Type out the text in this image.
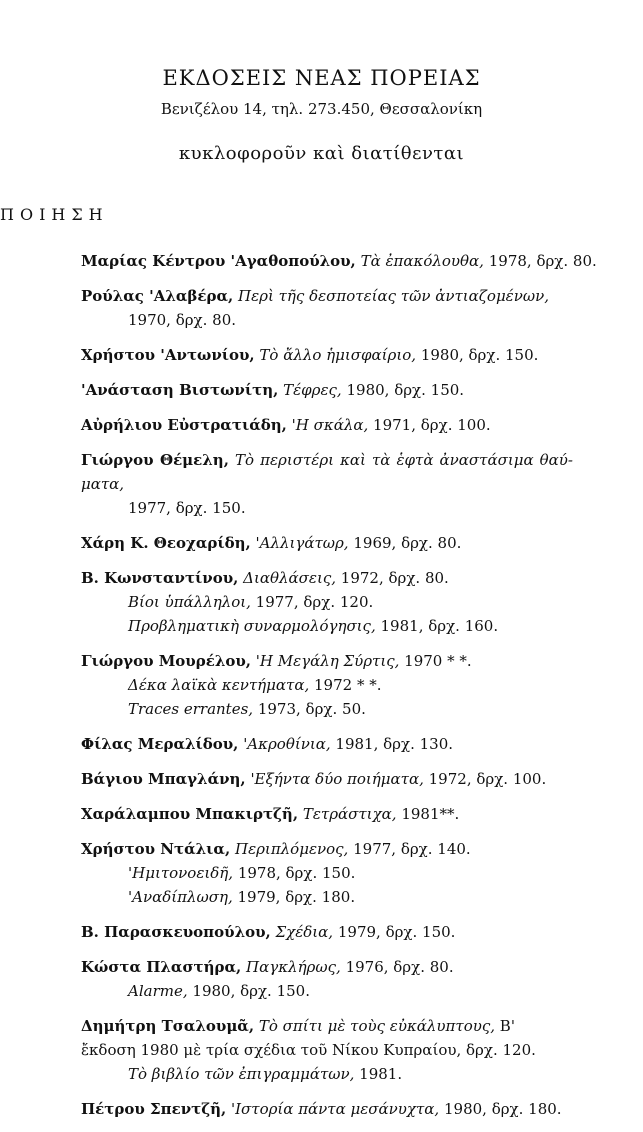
ΕΚΔΟΣΕΙΣ ΝΕΑΣ ΠΟΡΕΙΑΣ
Βενιζέλου 14, τηλ. 273.450, Θεσσαλονίκη
κυκλοφοροῦν καὶ διατίθενται
ΠΟΙΗΣΗ
Μαρίας Κέντρου 'Αγαθοπούλου, Τὰ ἐπακόλουθα, 1978, δρχ. 80.
Ρούλας 'Αλαβέρα, Περὶ τῆς δεσποτείας τῶν ἀντιαζομένων,
1970, δρχ. 80.
Χρήστου 'Αντωνίου, Τὸ ἄλλο ἡμισφαίριο, 1980, δρχ. 150.
'Ανάσταση Βιστωνίτη, Τέφρες, 1980, δρχ. 150.
Αὐρήλιου Εὐστρατιάδη, 'Η σκάλα, 1971, δρχ. 100.
Γιώργου Θέμελη, Τὸ περιστέρι καὶ τὰ ἑφτὰ ἀναστάσιμα θαύ- ματα,
1977, δρχ. 150.
Χάρη Κ. Θεοχαρίδη, 'Αλλιγάτωρ, 1969, δρχ. 80.
Β. Κωνσταντίνου, Διαθλάσεις, 1972, δρχ. 80.
Βίοι ὑπάλληλοι, 1977, δρχ. 120.
Προβληματικὴ συναρμολόγησις, 1981, δρχ. 160.
Γιώργου Μουρέλου, 'Η Μεγάλη Σύρτις, 1970 * *.
Δέκα λαϊκὰ κεντήματα, 1972 * *.
Traces errantes, 1973, δρχ. 50.
Φίλας Μεραλίδου, 'Ακροθίνια, 1981, δρχ. 130.
Βάγιου Μπαγλάνη, 'Εξήντα δύο ποιήματα, 1972, δρχ. 100.
Χαράλαμπου Μπακιρτζῆ, Τετράστιχα, 1981**.
Χρήστου Ντάλια, Περιπλόμενος, 1977, δρχ. 140.
'Ημιτονοειδῆ, 1978, δρχ. 150.
'Αναδίπλωση, 1979, δρχ. 180.
Β. Παρασκευοπούλου, Σχέδια, 1979, δρχ. 150.
Κώστα Πλαστήρα, Παγκλήρως, 1976, δρχ. 80.
Alarme, 1980, δρχ. 150.
Δημήτρη Τσαλουμᾶ, Τὸ σπίτι μὲ τοὺς εὐκάλυπτους, Β' ἔκδοση 1980 μὲ τρία σχέδια τοῦ Νίκου Κυπραίου, δρχ. 120.
Τὸ βιβλίο τῶν ἐπιγραμμάτων, 1981.
Πέτρου Σπεντζῆ, 'Ιστορία πάντα μεσάνυχτα, 1980, δρχ. 180.
